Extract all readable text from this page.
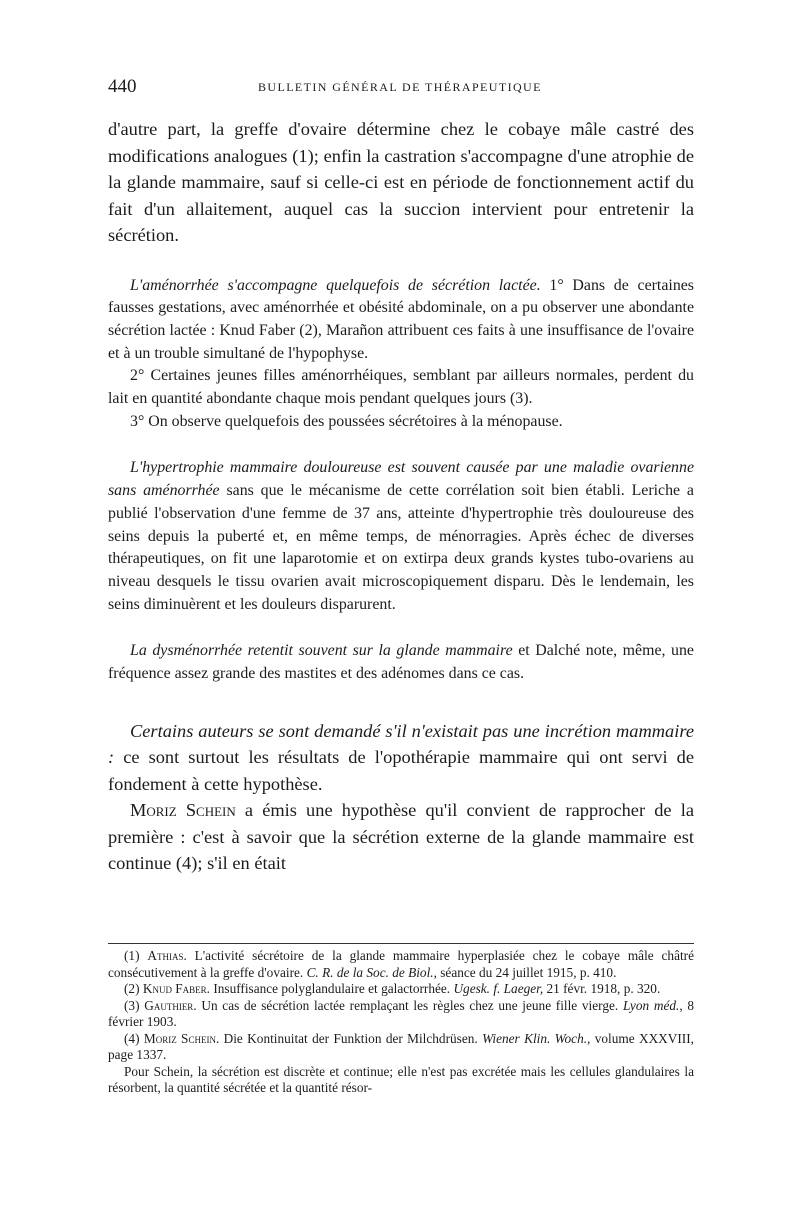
440	BULLETIN GÉNÉRAL DE THÉRAPEUTIQUE

d'autre part, la greffe d'ovaire détermine chez le cobaye mâle castré des modifications analogues (1); enfin la castration s'accompagne d'une atrophie de la glande mammaire, sauf si celle-ci est en période de fonctionnement actif du fait d'un allaitement, auquel cas la succion intervient pour entretenir la sécrétion.

L'aménorrhée s'accompagne quelquefois de sécrétion lactée. 1° Dans de certaines fausses gestations, avec aménorrhée et obésité abdominale, on a pu observer une abondante sécrétion lactée : Knud Faber (2), Marañon attribuent ces faits à une insuffisance de l'ovaire et à un trouble simultané de l'hypophyse.

2° Certaines jeunes filles aménorrhéiques, semblant par ailleurs normales, perdent du lait en quantité abondante chaque mois pendant quelques jours (3).

3° On observe quelquefois des poussées sécrétoires à la ménopause.

L'hypertrophie mammaire douloureuse est souvent causée par une maladie ovarienne sans aménorrhée sans que le mécanisme de cette corrélation soit bien établi. Leriche a publié l'observation d'une femme de 37 ans, atteinte d'hypertrophie très douloureuse des seins depuis la puberté et, en même temps, de ménorragies. Après échec de diverses thérapeutiques, on fit une laparotomie et on extirpa deux grands kystes tubo-ovariens au niveau desquels le tissu ovarien avait microscopiquement disparu. Dès le lendemain, les seins diminuèrent et les douleurs disparurent.

La dysménorrhée retentit souvent sur la glande mammaire et Dalché note, même, une fréquence assez grande des mastites et des adénomes dans ce cas.

Certains auteurs se sont demandé s'il n'existait pas une incrétion mammaire : ce sont surtout les résultats de l'opothérapie mammaire qui ont servi de fondement à cette hypothèse.

Moriz Schein a émis une hypothèse qu'il convient de rapprocher de la première : c'est à savoir que la sécrétion externe de la glande mammaire est continue (4); s'il en était

(1) Athias. L'activité sécrétoire de la glande mammaire hyperplasiée chez le cobaye mâle châtré consécutivement à la greffe d'ovaire. C. R. de la Soc. de Biol., séance du 24 juillet 1915, p. 410.

(2) Knud Faber. Insuffisance polyglandulaire et galactorrhée. Ugesk. f. Laeger, 21 févr. 1918, p. 320.

(3) Gauthier. Un cas de sécrétion lactée remplaçant les règles chez une jeune fille vierge. Lyon méd., 8 février 1903.

(4) Moriz Schein. Die Kontinuitat der Funktion der Milchdrüsen. Wiener Klin. Woch., volume XXXVIII, page 1337.

Pour Schein, la sécrétion est discrète et continue; elle n'est pas excrétée mais les cellules glandulaires la résorbent, la quantité sécrétée et la quantité résor-
